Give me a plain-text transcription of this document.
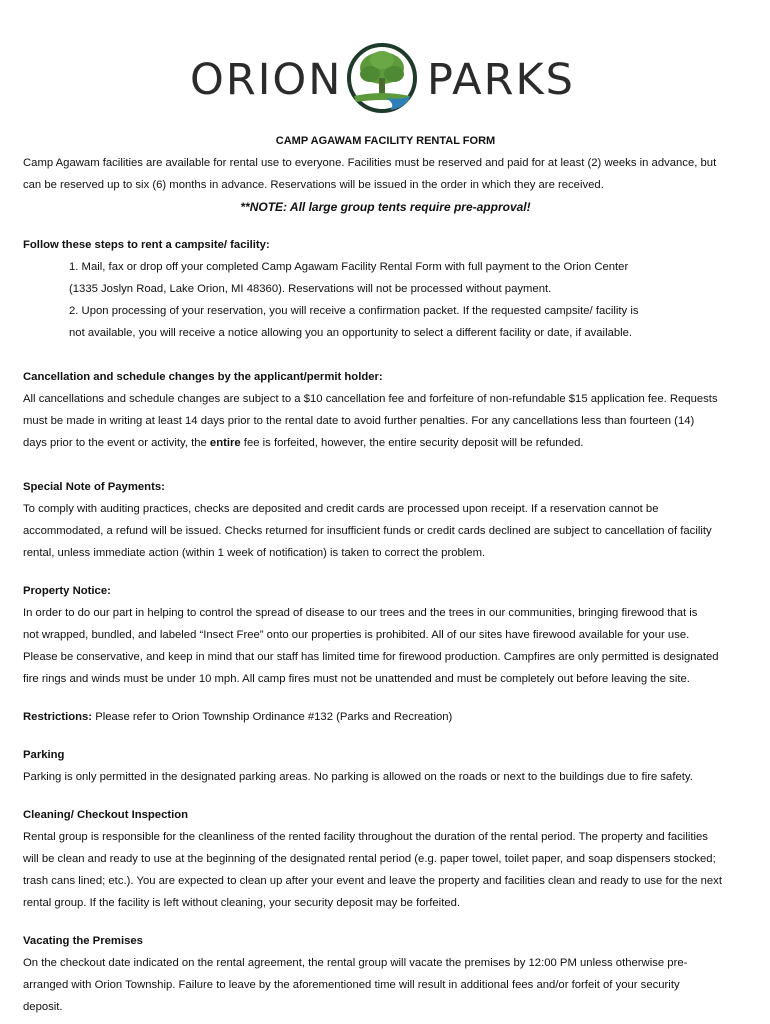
ORION PARKS
CAMP AGAWAM FACILITY RENTAL FORM

Camp Agawam facilities are available for rental use to everyone. Facilities must be reserved and paid for at least (2) weeks in advance, but

can be reserved up to six (6) months in advance. Reservations will be issued in the order in which they are received.

**NOTE: All large group tents require pre-approval!

Follow these steps to rent a campsite/ facility:

1. Mail, fax or drop off your completed Camp Agawam Facility Rental Form with full payment to the Orion Center

(1335 Joslyn Road, Lake Orion, MI 48360). Reservations will not be processed without payment.

2. Upon processing of your reservation, you will receive a confirmation packet. If the requested campsite/ facility is

not available, you will receive a notice allowing you an opportunity to select a different facility or date, if available.

Cancellation and schedule changes by the applicant/permit holder:

All cancellations and schedule changes are subject to a $10 cancellation fee and forfeiture of non-refundable $15 application fee. Requests

must be made in writing at least 14 days prior to the rental date to avoid further penalties. For any cancellations less than fourteen (14)

days prior to the event or activity, the entire fee is forfeited, however, the entire security deposit will be refunded.

Special Note of Payments:

To comply with auditing practices, checks are deposited and credit cards are processed upon receipt. If a reservation cannot be

accommodated, a refund will be issued. Checks returned for insufficient funds or credit cards declined are subject to cancellation of facility

rental, unless immediate action (within 1 week of notification) is taken to correct the problem.

Property Notice:

In order to do our part in helping to control the spread of disease to our trees and the trees in our communities, bringing firewood that is

not wrapped, bundled, and labeled “Insect Free” onto our properties is prohibited. All of our sites have firewood available for your use.

Please be conservative, and keep in mind that our staff has limited time for firewood production. Campfires are only permitted is designated

fire rings and winds must be under 10 mph. All camp fires must not be unattended and must be completely out before leaving the site.

Restrictions: Please refer to Orion Township Ordinance #132 (Parks and Recreation)

Parking

Parking is only permitted in the designated parking areas. No parking is allowed on the roads or next to the buildings due to fire safety.

Cleaning/ Checkout Inspection

Rental group is responsible for the cleanliness of the rented facility throughout the duration of the rental period. The property and facilities

will be clean and ready to use at the beginning of the designated rental period (e.g. paper towel, toilet paper, and soap dispensers stocked;

trash cans lined; etc.). You are expected to clean up after your event and leave the property and facilities clean and ready to use for the next

rental group. If the facility is left without cleaning, your security deposit may be forfeited.

Vacating the Premises

On the checkout date indicated on the rental agreement, the rental group will vacate the premises by 12:00 PM unless otherwise pre-

arranged with Orion Township. Failure to leave by the aforementioned time will result in additional fees and/or forfeit of your security

deposit.
